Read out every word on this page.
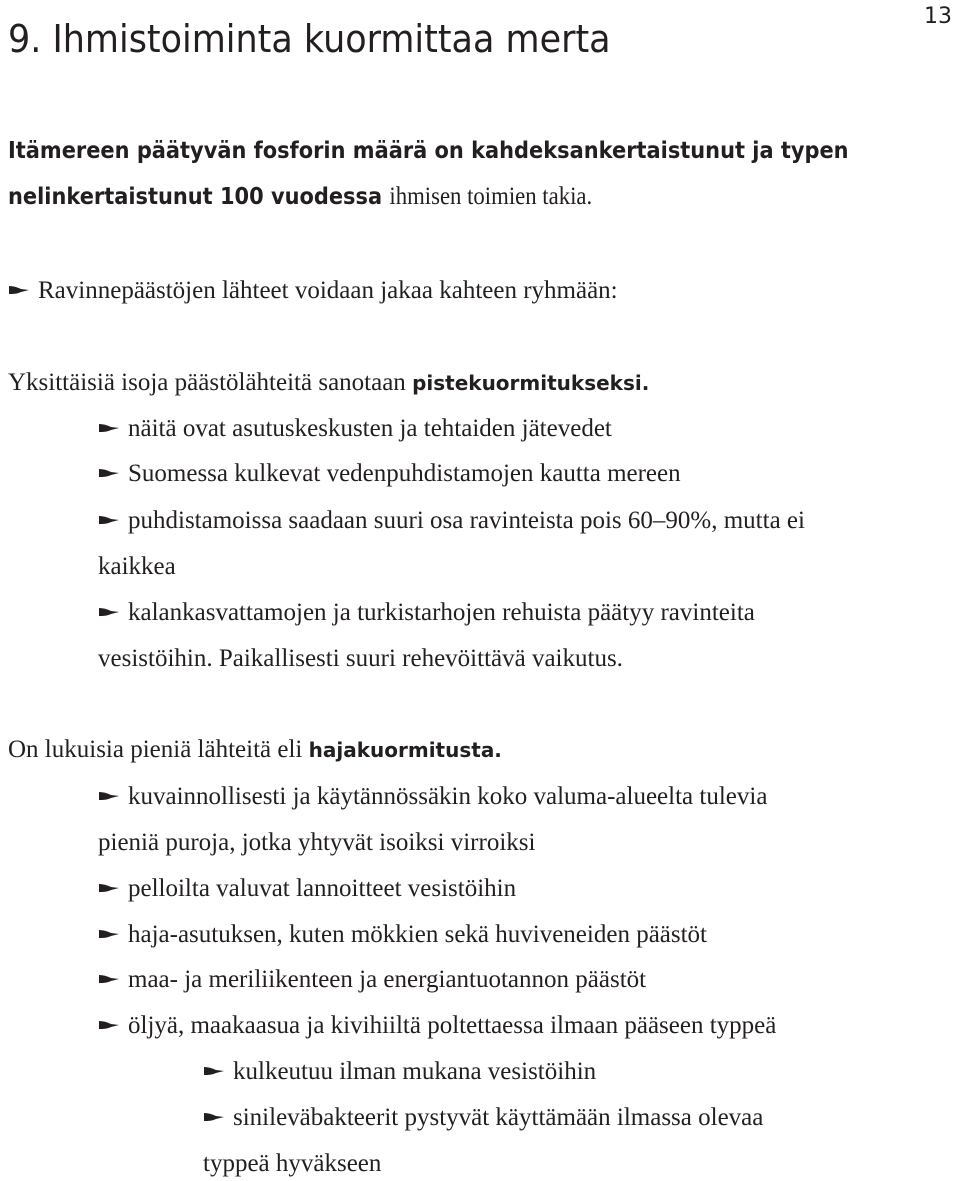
9. Ihmistoiminta kuormittaa merta
13
Itämereen päätyvän fosforin määrä on kahdeksankertaistunut ja typen
nelinkertaistunut 100 vuodessa ihmisen toimien takia.
Ravinnepäästöjen lähteet voidaan jakaa kahteen ryhmään:
Yksittäisiä isoja päästölähteitä sanotaan pistekuormitukseksi.
näitä ovat asutuskeskusten ja tehtaiden jätevedet
Suomessa kulkevat vedenpuhdistamojen kautta mereen
puhdistamoissa saadaan suuri osa ravinteista pois 60–90%, mutta ei
kaikkea
kalankasvattamojen ja turkistarhojen rehuista päätyy ravinteita
vesistöihin. Paikallisesti suuri rehevöittävä vaikutus.
On lukuisia pieniä lähteitä eli hajakuormitusta.
kuvainnollisesti ja käytännössäkin koko valuma-alueelta tulevia
pieniä puroja, jotka yhtyvät isoiksi virroiksi
pelloilta valuvat lannoitteet vesistöihin
haja-asutuksen, kuten mökkien sekä huviveneiden päästöt
maa- ja meriliikenteen ja energiantuotannon päästöt
öljyä, maakaasua ja kivihiiltä poltettaessa ilmaan pääseen typpeä
kulkeutuu ilman mukana vesistöihin
sinileväbakteerit pystyvät käyttämään ilmassa olevaa
typpeä hyväkseen
